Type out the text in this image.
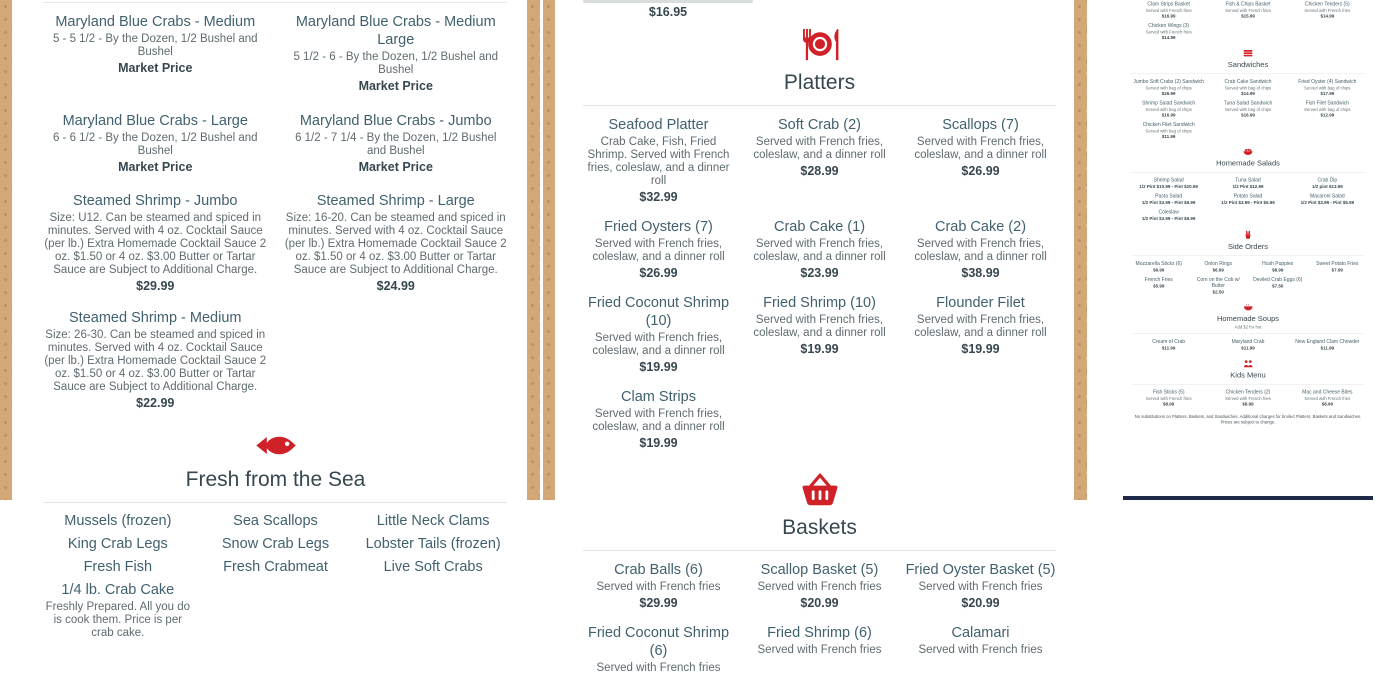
Maryland Blue Crabs - Medium
5 - 5 1/2 - By the Dozen, 1/2 Bushel and Bushel
Market Price
Maryland Blue Crabs - Medium Large
5 1/2 - 6 - By the Dozen, 1/2 Bushel and Bushel
Market Price
Maryland Blue Crabs - Large
6 - 6 1/2 - By the Dozen, 1/2 Bushel and Bushel
Market Price
Maryland Blue Crabs - Jumbo
6 1/2 - 7 1/4 - By the Dozen, 1/2 Bushel and Bushel
Market Price
Steamed Shrimp - Jumbo
Size: U12. Can be steamed and spiced in minutes. Served with 4 oz. Cocktail Sauce (per lb.) Extra Homemade Cocktail Sauce 2 oz. $1.50 or 4 oz. $3.00 Butter or Tartar Sauce are Subject to Additional Charge.
$29.99
Steamed Shrimp - Large
Size: 16-20. Can be steamed and spiced in minutes. Served with 4 oz. Cocktail Sauce (per lb.) Extra Homemade Cocktail Sauce 2 oz. $1.50 or 4 oz. $3.00 Butter or Tartar Sauce are Subject to Additional Charge.
$24.99
Steamed Shrimp - Medium
Size: 26-30. Can be steamed and spiced in minutes. Served with 4 oz. Cocktail Sauce (per lb.) Extra Homemade Cocktail Sauce 2 oz. $1.50 or 4 oz. $3.00 Butter or Tartar Sauce are Subject to Additional Charge.
$22.99
Fresh from the Sea
Mussels (frozen)	Sea Scallops	Little Neck Clams
King Crab Legs	Snow Crab Legs	Lobster Tails (frozen)
Fresh Fish	Fresh Crabmeat	Live Soft Crabs
1/4 lb. Crab Cake
Freshly Prepared. All you do is cook them. Price is per crab cake.
$16.95
Platters
Seafood Platter
Crab Cake, Fish, Fried Shrimp. Served with French fries, coleslaw, and a dinner roll
$32.99
Soft Crab (2)
Served with French fries, coleslaw, and a dinner roll
$28.99
Scallops (7)
Served with French fries, coleslaw, and a dinner roll
$26.99
Fried Oysters (7)
Served with French fries, coleslaw, and a dinner roll
$26.99
Crab Cake (1)
Served with French fries, coleslaw, and a dinner roll
$23.99
Crab Cake (2)
Served with French fries, coleslaw, and a dinner roll
$38.99
Fried Coconut Shrimp (10)
Served with French fries, coleslaw, and a dinner roll
$19.99
Fried Shrimp (10)
Served with French fries, coleslaw, and a dinner roll
$19.99
Flounder Filet
Served with French fries, coleslaw, and a dinner roll
$19.99
Clam Strips
Served with French fries, coleslaw, and a dinner roll
$19.99
Baskets
Crab Balls (6)
Served with French fries
$29.99
Scallop Basket (5)
Served with French fries
$20.99
Fried Oyster Basket (5)
Served with French fries
$20.99
Fried Coconut Shrimp (6)
Served with French fries
Fried Shrimp (6)
Served with French fries
Calamari
Served with French fries
Clam Strips Basket
Served with French fries
$16.99
Fish & Chips Basket
Served with French fries
$15.99
Chicken Tenders (5)
Served with French fries
$14.99
Chicken Wings (3)
Served with French fries
$14.99
Sandwiches
Jumbo Soft Crabs (2) Sandwich
Served with bag of chips
$26.99
Crab Cake Sandwich
Served with bag of chips
$14.99
Fried Oyster (4) Sandwich
Served with bag of chips
$17.99
Shrimp Salad Sandwich
Served with bag of chips
$16.99
Tuna Salad Sandwich
Served with bag of chips
$16.99
Fish Filet Sandwich
Served with bag of chips
$12.99
Chicken Filet Sandwich
Served with bag of chips
$11.99
Homemade Salads
Shrimp Salad
1/2 Pint $10.99 - Pint $20.99
Tuna Salad
1/2 Pint $12.99
Crab Dip
1/2 pint $13.99
Pasta Salad
1/2 Pint $3.99 - Pint $5.99
Potato Salad
1/2 Pint $3.99 - Pint $5.99
Macaroni Salad
1/2 Pint $3.99 - Pint $5.99
Coleslaw
1/2 Pint $3.99 - Pint $5.99
Side Orders
Mozzarella Sticks (6)
$6.99
Onion Rings
$6.99
Hush Puppies
$8.99
Sweet Potato Fries
$7.99
French Fries
$5.99
Corn on the Cob w/ Butter
$2.50
Deviled Crab Eggs (6)
$7.50
Homemade Soups
Add $2 for hot
Cream of Crab
$11.99
Maryland Crab
$11.99
New England Clam Chowder
$11.99
Kids Menu
Fish Sticks (5)
Served with French fries
$8.99
Chicken Tenders (2)
Served with French fries
$8.99
Mac and Cheese Bites
Served with French fries
$8.99
No substitutions on Platters, Baskets, and Sandwiches. Additional charges for broiled Platters, Baskets and Sandwiches. Prices are subject to change.
